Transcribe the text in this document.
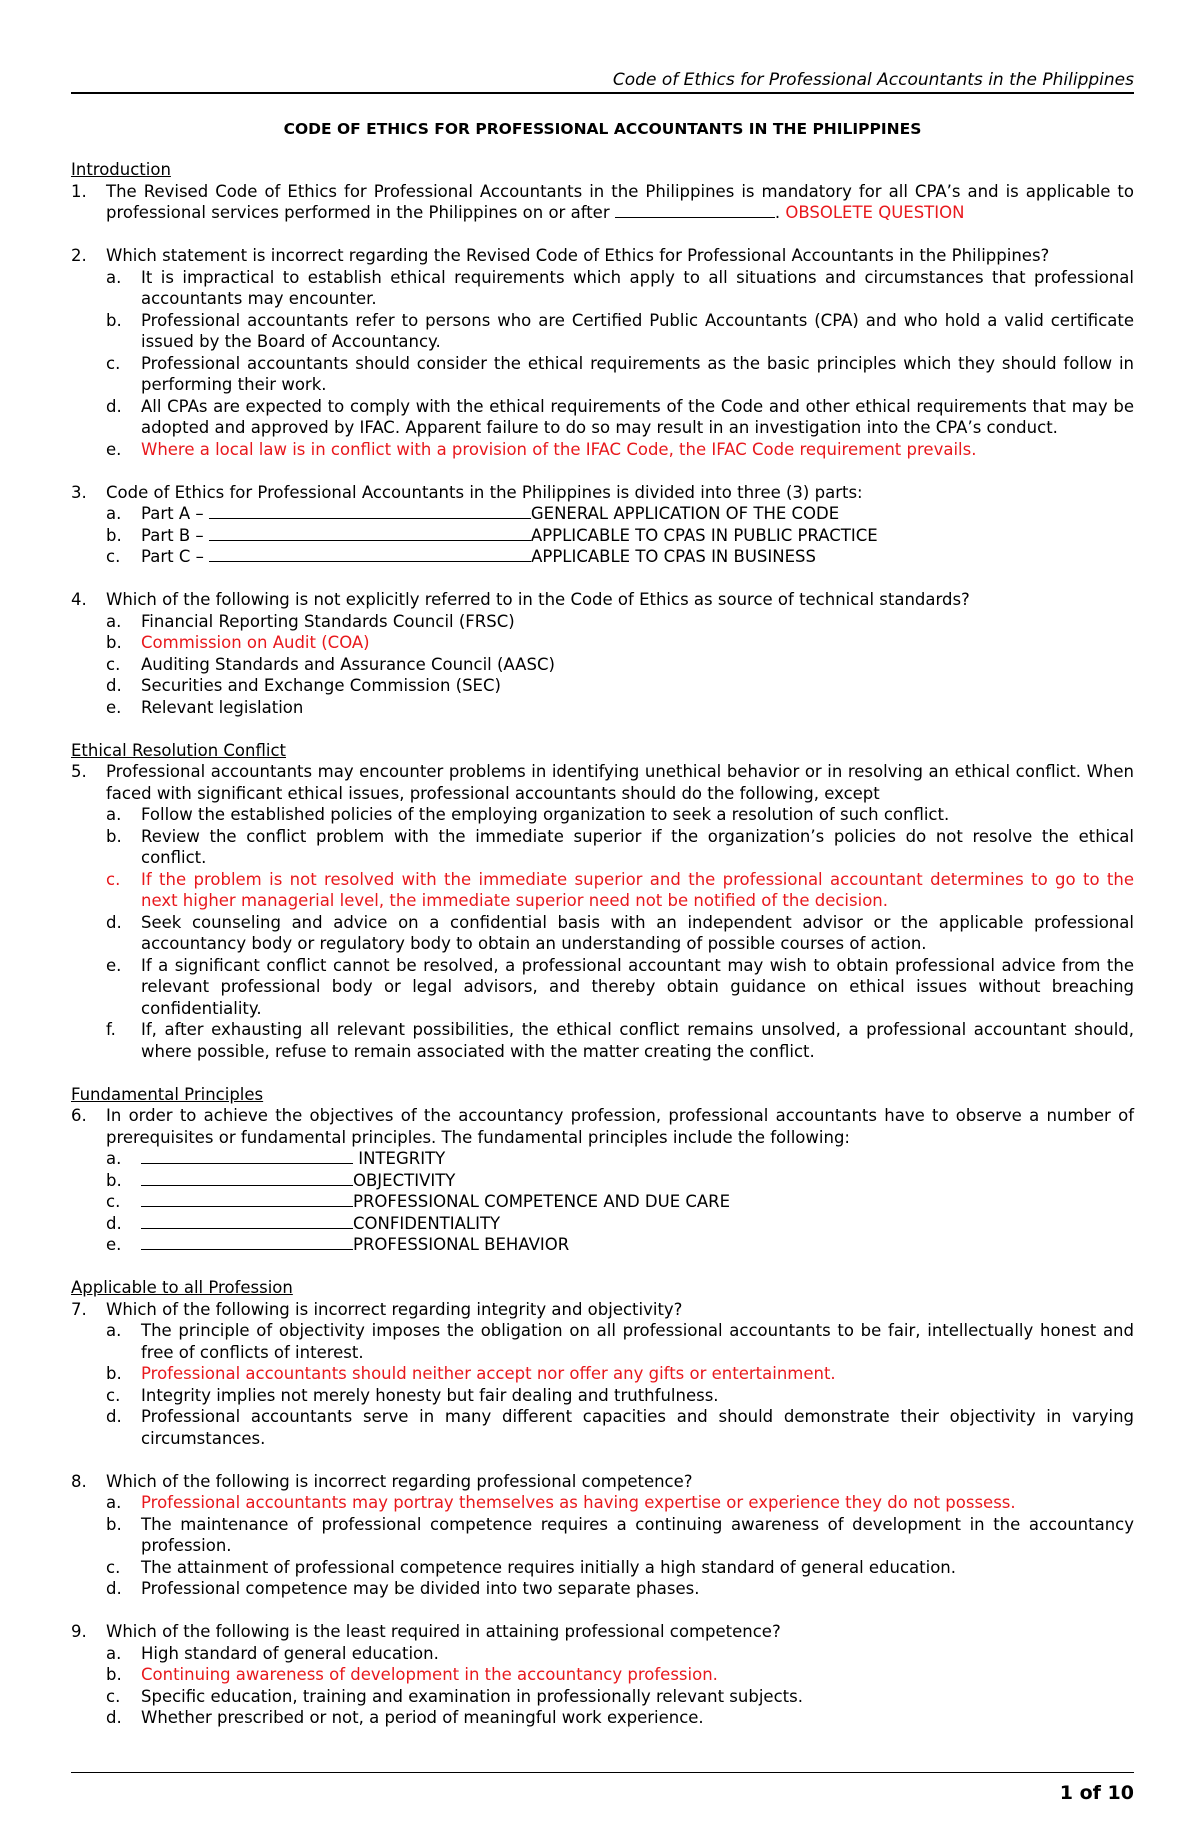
Code of Ethics for Professional Accountants in the Philippines
CODE OF ETHICS FOR PROFESSIONAL ACCOUNTANTS IN THE PHILIPPINES
Introduction
1.	The Revised Code of Ethics for Professional Accountants in the Philippines is mandatory for all CPA’s and is applicable to professional services performed in the Philippines on or after	. OBSOLETE QUESTION
2.	Which statement is incorrect regarding the Revised Code of Ethics for Professional Accountants in the Philippines?
a.	It is impractical to establish ethical requirements which apply to all situations and circumstances that professional accountants may encounter.
b.	Professional accountants refer to persons who are Certified Public Accountants (CPA) and who hold a valid certificate issued by the Board of Accountancy.
c.	Professional accountants should consider the ethical requirements as the basic principles which they should follow in performing their work.
d.	All CPAs are expected to comply with the ethical requirements of the Code and other ethical requirements that may be adopted and approved by IFAC. Apparent failure to do so may result in an investigation into the CPA’s conduct.
e.	Where a local law is in conflict with a provision of the IFAC Code, the IFAC Code requirement prevails.
3.	Code of Ethics for Professional Accountants in the Philippines is divided into three (3) parts:
a.	Part A –	GENERAL APPLICATION OF THE CODE
b.	Part B –	APPLICABLE TO CPAS IN PUBLIC PRACTICE
c.	Part C –	APPLICABLE TO CPAS IN BUSINESS
4.	Which of the following is not explicitly referred to in the Code of Ethics as source of technical standards?
a.	Financial Reporting Standards Council (FRSC)
b.	Commission on Audit (COA)
c.	Auditing Standards and Assurance Council (AASC)
d.	Securities and Exchange Commission (SEC)
e.	Relevant legislation
Ethical Resolution Conflict
5.	Professional accountants may encounter problems in identifying unethical behavior or in resolving an ethical conflict. When faced with significant ethical issues, professional accountants should do the following, except
a.	Follow the established policies of the employing organization to seek a resolution of such conflict.
b.	Review the conflict problem with the immediate superior if the organization’s policies do not resolve the ethical conflict.
c.	If the problem is not resolved with the immediate superior and the professional accountant determines to go to the next higher managerial level, the immediate superior need not be notified of the decision.
d.	Seek counseling and advice on a confidential basis with an independent advisor or the applicable professional accountancy body or regulatory body to obtain an understanding of possible courses of action.
e.	If a significant conflict cannot be resolved, a professional accountant may wish to obtain professional advice from the relevant professional body or legal advisors, and thereby obtain guidance on ethical issues without breaching confidentiality.
f.	If, after exhausting all relevant possibilities, the ethical conflict remains unsolved, a professional accountant should, where possible, refuse to remain associated with the matter creating the conflict.
Fundamental Principles
6.	In order to achieve the objectives of the accountancy profession, professional accountants have to observe a number of prerequisites or fundamental principles. The fundamental principles include the following:
a.	INTEGRITY
b.	OBJECTIVITY
c.	PROFESSIONAL COMPETENCE AND DUE CARE
d.	CONFIDENTIALITY
e.	PROFESSIONAL BEHAVIOR
Applicable to all Profession
7.	Which of the following is incorrect regarding integrity and objectivity?
a.	The principle of objectivity imposes the obligation on all professional accountants to be fair, intellectually honest and free of conflicts of interest.
b.	Professional accountants should neither accept nor offer any gifts or entertainment.
c.	Integrity implies not merely honesty but fair dealing and truthfulness.
d.	Professional accountants serve in many different capacities and should demonstrate their objectivity in varying circumstances.
8.	Which of the following is incorrect regarding professional competence?
a.	Professional accountants may portray themselves as having expertise or experience they do not possess.
b.	The maintenance of professional competence requires a continuing awareness of development in the accountancy profession.
c.	The attainment of professional competence requires initially a high standard of general education.
d.	Professional competence may be divided into two separate phases.
9.	Which of the following is the least required in attaining professional competence?
a.	High standard of general education.
b.	Continuing awareness of development in the accountancy profession.
c.	Specific education, training and examination in professionally relevant subjects.
d.	Whether prescribed or not, a period of meaningful work experience.
1 of 10
